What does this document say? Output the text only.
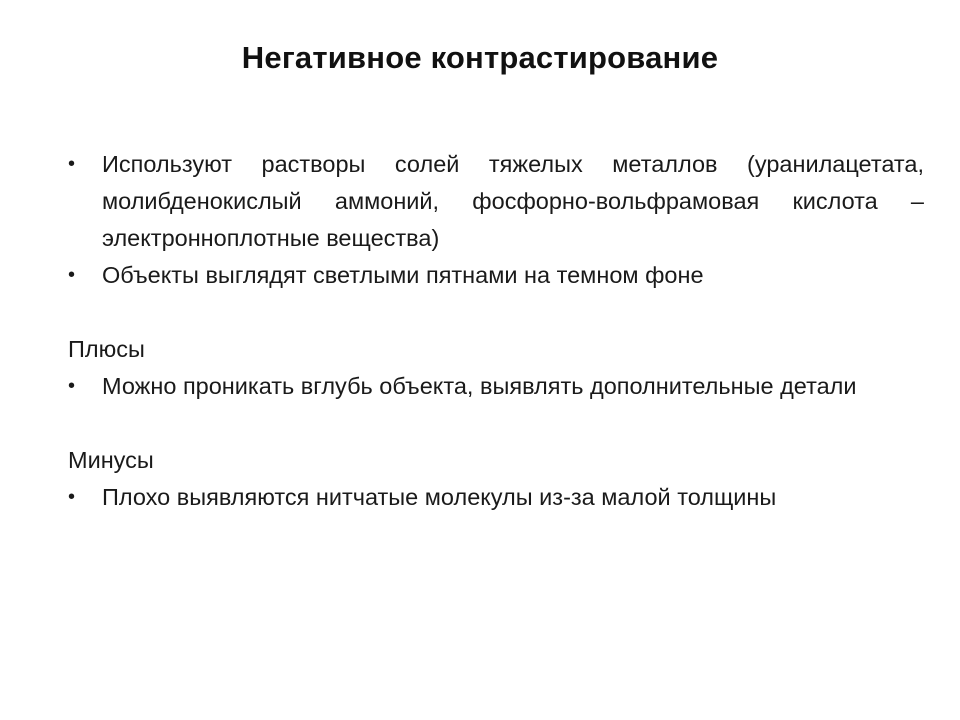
Негативное контрастирование
• Используют растворы солей тяжелых металлов (уранилацетата, молибденокислый аммоний, фосфорно-вольфрамовая кислота – электронноплотные вещества)
• Объекты выглядят светлыми пятнами на темном фоне
Плюсы
• Можно проникать вглубь объекта, выявлять дополнительные детали
Минусы
• Плохо выявляются нитчатые молекулы из-за малой толщины
